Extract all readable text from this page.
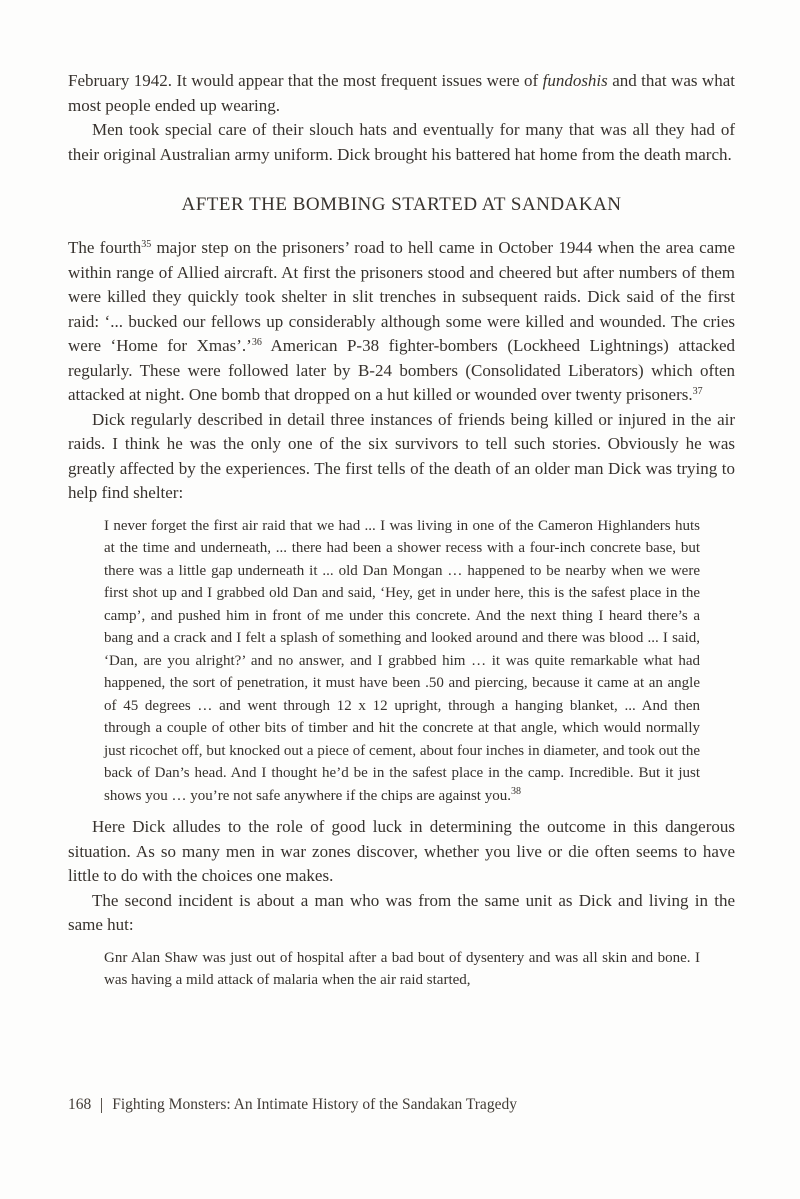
February 1942. It would appear that the most frequent issues were of fundoshis and that was what most people ended up wearing.

Men took special care of their slouch hats and eventually for many that was all they had of their original Australian army uniform. Dick brought his battered hat home from the death march.

AFTER THE BOMBING STARTED AT SANDAKAN

The fourth$^{35}$ major step on the prisoners’ road to hell came in October 1944 when the area came within range of Allied aircraft. At first the prisoners stood and cheered but after numbers of them were killed they quickly took shelter in slit trenches in subsequent raids. Dick said of the first raid: ‘... bucked our fellows up considerably although some were killed and wounded. The cries were ‘Home for Xmas’.’$^{36}$ American P-38 fighter-bombers (Lockheed Lightnings) attacked regularly. These were followed later by B-24 bombers (Consolidated Liberators) which often attacked at night. One bomb that dropped on a hut killed or wounded over twenty prisoners.$^{37}$

Dick regularly described in detail three instances of friends being killed or injured in the air raids. I think he was the only one of the six survivors to tell such stories. Obviously he was greatly affected by the experiences. The first tells of the death of an older man Dick was trying to help find shelter:

I never forget the first air raid that we had ... I was living in one of the Cameron Highlanders huts at the time and underneath, ... there had been a shower recess with a four-inch concrete base, but there was a little gap underneath it ... old Dan Mongan … happened to be nearby when we were first shot up and I grabbed old Dan and said, ‘Hey, get in under here, this is the safest place in the camp’, and pushed him in front of me under this concrete. And the next thing I heard there’s a bang and a crack and I felt a splash of something and looked around and there was blood ... I said, ‘Dan, are you alright?’ and no answer, and I grabbed him … it was quite remarkable what had happened, the sort of penetration, it must have been .50 and piercing, because it came at an angle of 45 degrees … and went through 12 x 12 upright, through a hanging blanket, ... And then through a couple of other bits of timber and hit the concrete at that angle, which would normally just ricochet off, but knocked out a piece of cement, about four inches in diameter, and took out the back of Dan’s head. And I thought he’d be in the safest place in the camp. Incredible. But it just shows you … you’re not safe anywhere if the chips are against you.$^{38}$

Here Dick alludes to the role of good luck in determining the outcome in this dangerous situation. As so many men in war zones discover, whether you live or die often seems to have little to do with the choices one makes.

The second incident is about a man who was from the same unit as Dick and living in the same hut:

Gnr Alan Shaw was just out of hospital after a bad bout of dysentery and was all skin and bone. I was having a mild attack of malaria when the air raid started,
168 Fighting Monsters: An Intimate History of the Sandakan Tragedy
